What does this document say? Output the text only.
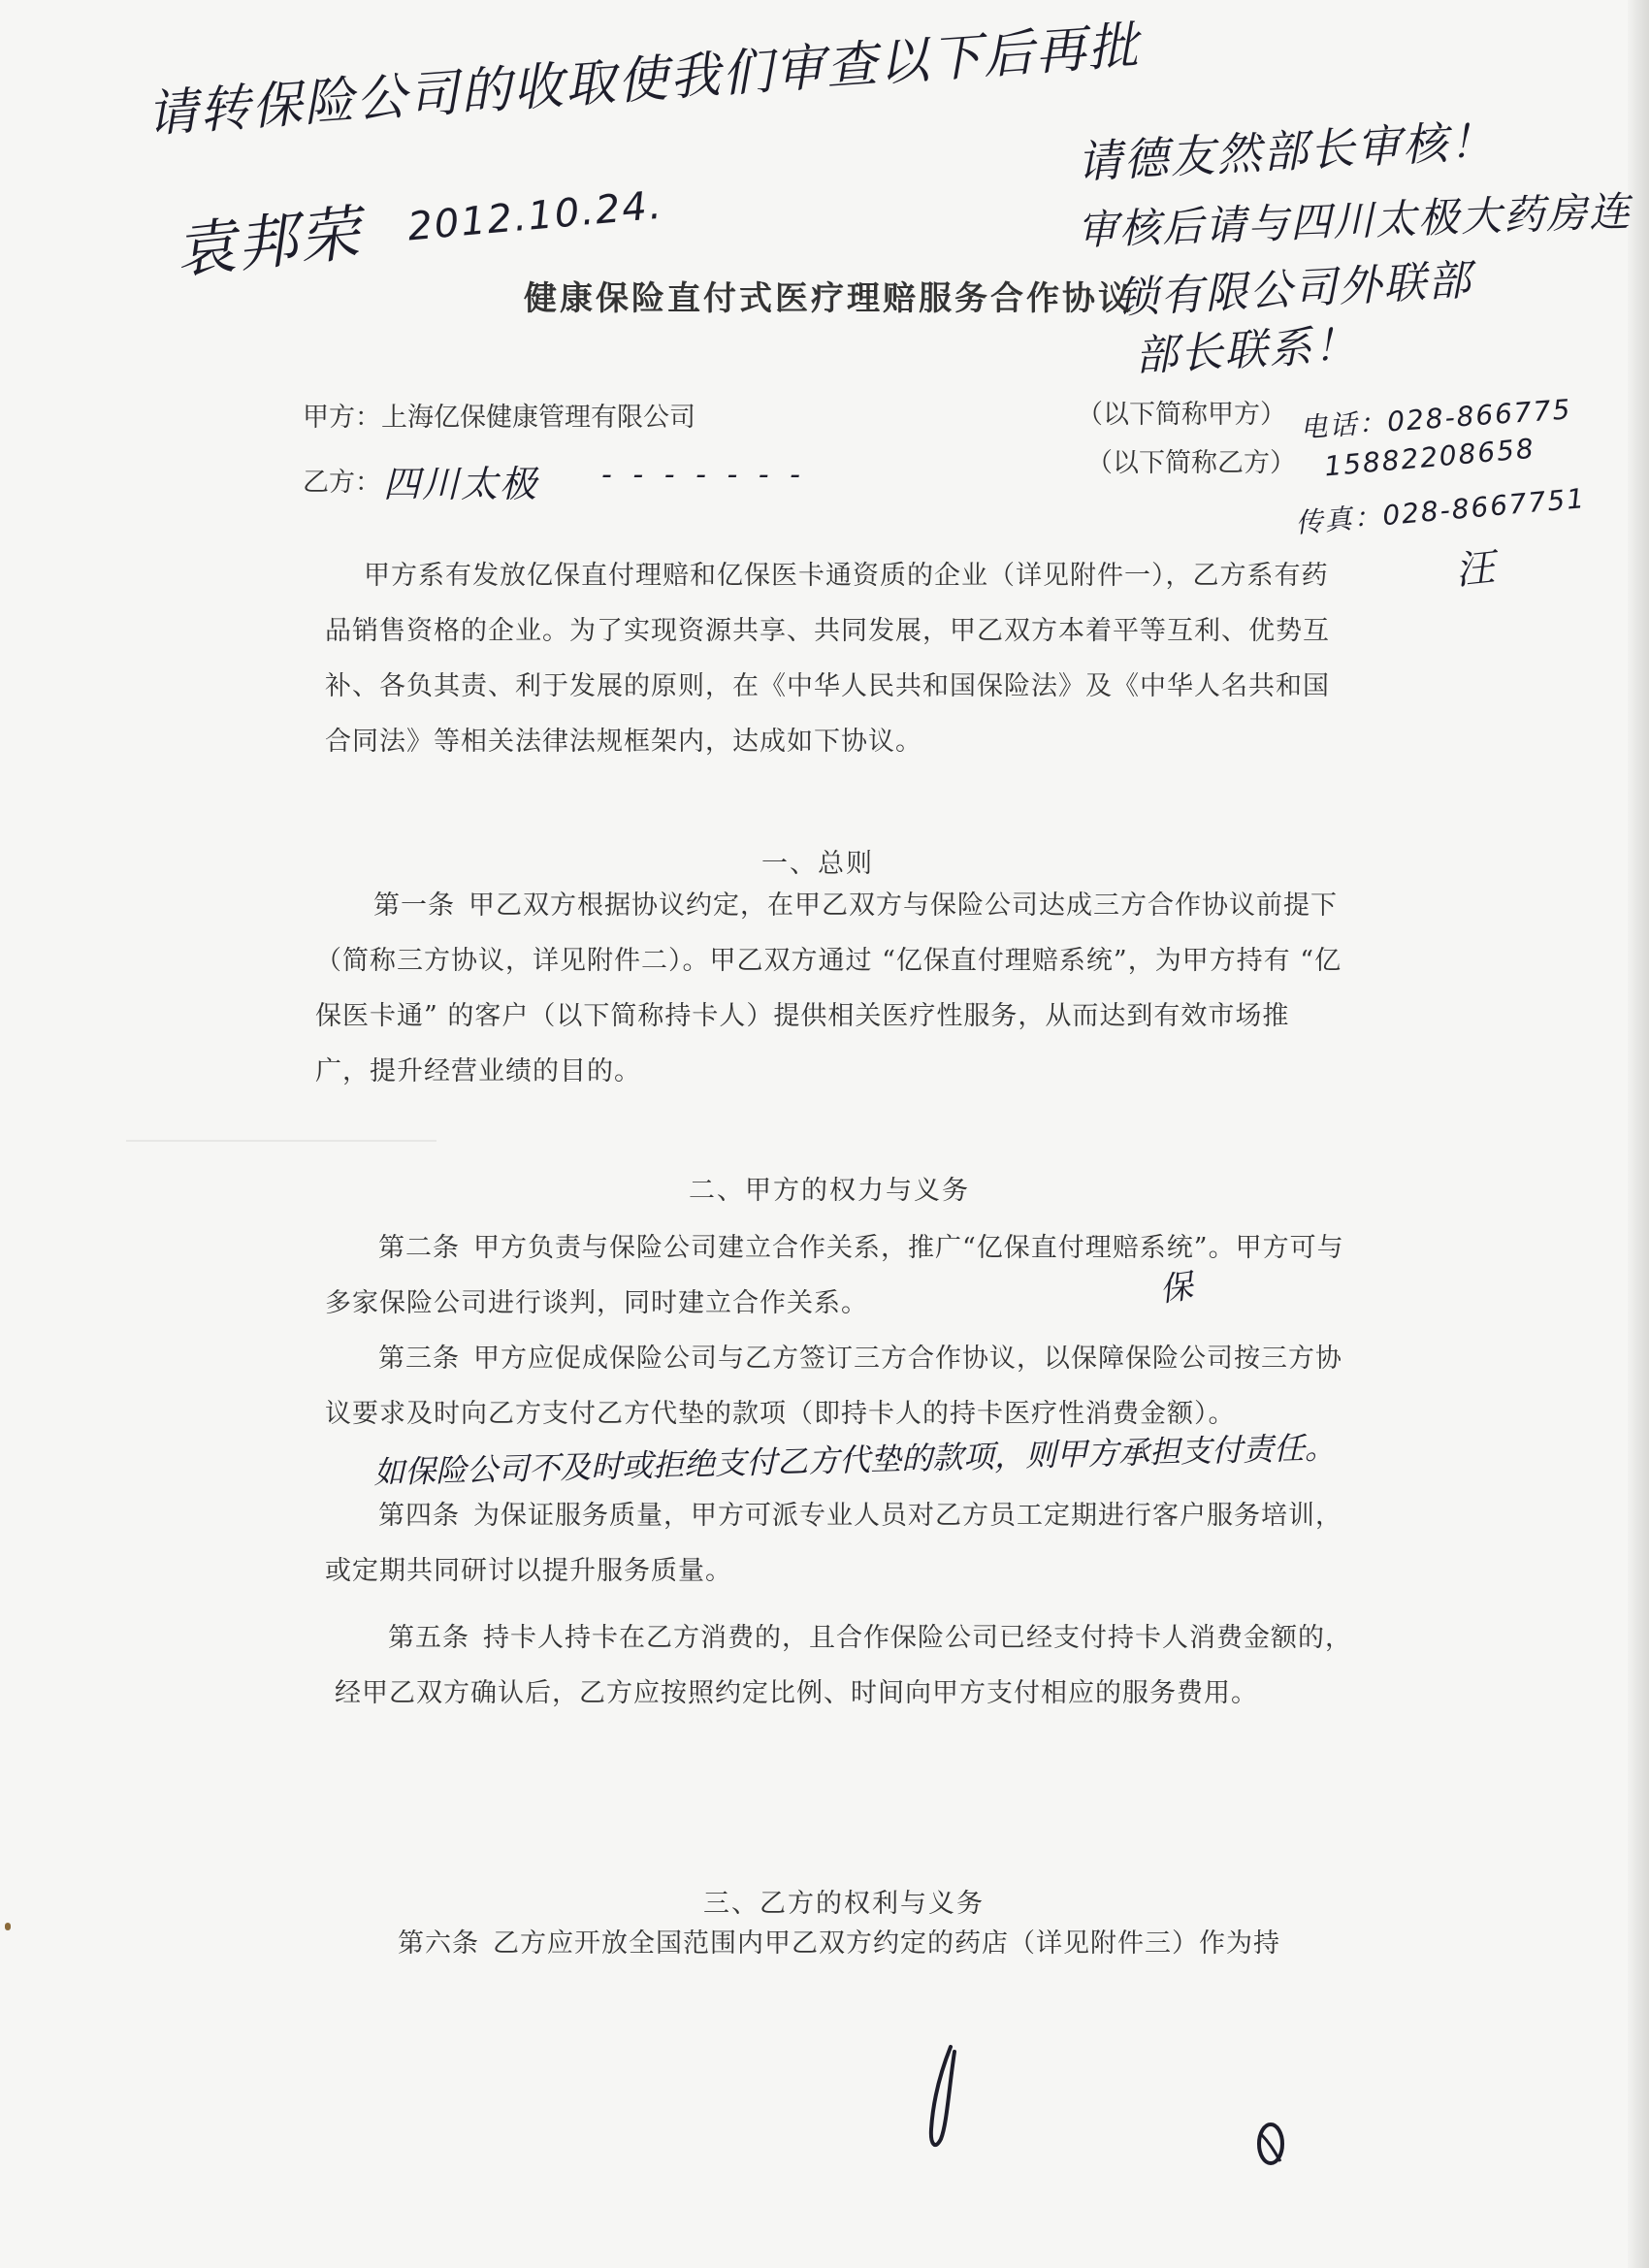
请转保险公司的收取使我们审查以下后再批
袁邦荣 2012.10.24.
请德友然部长审核！
审核后请与四川太极大药房连
锁有限公司外联部
部长联系！
电话：028-866775
15882208658
传真：028-8667751
汪
健康保险直付式医疗理赔服务合作协议
甲方：上海亿保健康管理有限公司	（以下简称甲方）
乙方： 四川太极 - - - - - - -	（以下简称乙方）
甲方系有发放亿保直付理赔和亿保医卡通资质的企业（详见附件一），乙方系有药品销售资格的企业。为了实现资源共享、共同发展，甲乙双方本着平等互利、优势互补、各负其责、利于发展的原则，在《中华人民共和国保险法》及《中华人名共和国合同法》等相关法律法规框架内，达成如下协议。
一、总则
第一条 甲乙双方根据协议约定，在甲乙双方与保险公司达成三方合作协议前提下（简称三方协议，详见附件二）。甲乙双方通过 “亿保直付理赔系统”，为甲方持有 “亿保医卡通” 的客户（以下简称持卡人）提供相关医疗性服务，从而达到有效市场推广，提升经营业绩的目的。
二、甲方的权力与义务
第二条 甲方负责与保险公司建立合作关系，推广“亿保直付理赔系统”。甲方可与多家保险公司进行谈判，同时建立合作关系。	保
第三条 甲方应促成保险公司与乙方签订三方合作协议，以保障保险公司按三方协议要求及时向乙方支付乙方代垫的款项（即持卡人的持卡医疗性消费金额）。
如保险公司不及时或拒绝支付乙方代垫的款项，则甲方承担支付责任。
第四条 为保证服务质量，甲方可派专业人员对乙方员工定期进行客户服务培训，或定期共同研讨以提升服务质量。
第五条 持卡人持卡在乙方消费的，且合作保险公司已经支付持卡人消费金额的，经甲乙双方确认后，乙方应按照约定比例、时间向甲方支付相应的服务费用。
三、乙方的权利与义务
第六条 乙方应开放全国范围内甲乙双方约定的药店（详见附件三）作为持
